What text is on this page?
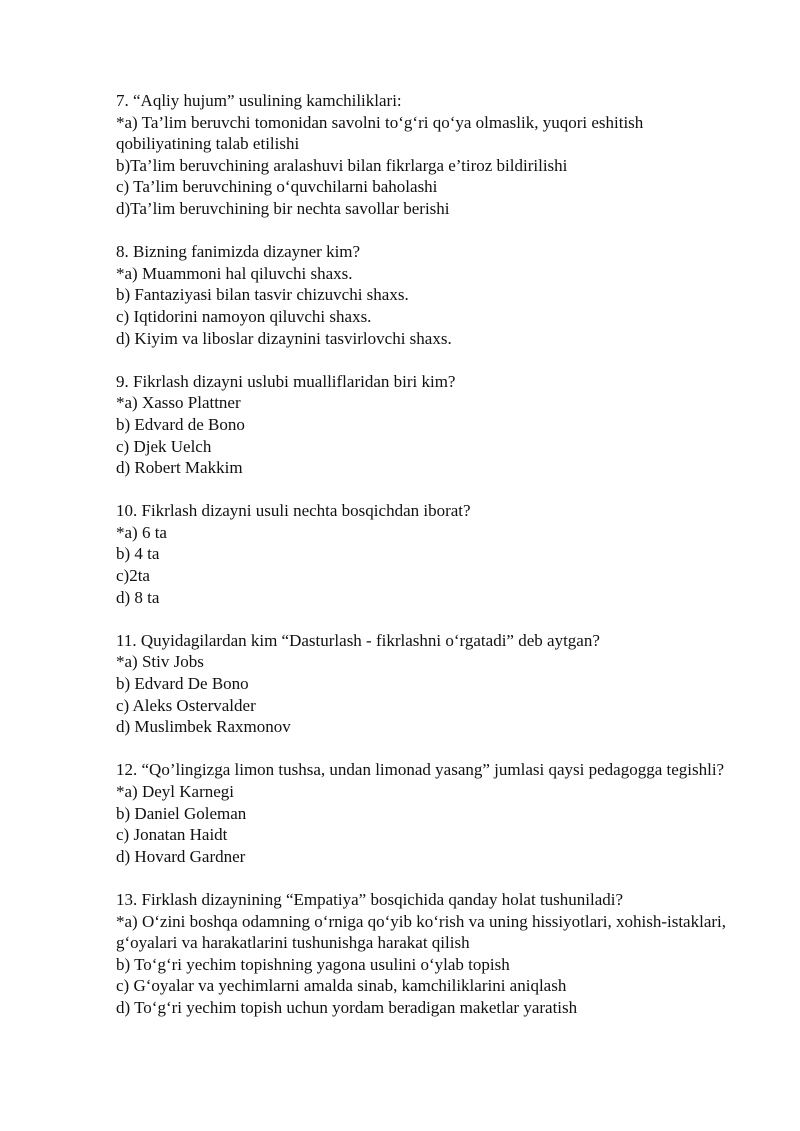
7. “Aqliy hujum” usulining kamchiliklari:
*a) Ta’lim beruvchi tomonidan savolni to‘g‘ri qo‘ya olmaslik, yuqori eshitish qobiliyatining talab etilishi
b)Ta’lim beruvchining aralashuvi bilan fikrlarga e’tiroz bildirilishi
c) Ta’lim beruvchining o‘quvchilarni baholashi
d)Ta’lim beruvchining bir nechta savollar berishi
8. Bizning fanimizda dizayner kim?
*a) Muammoni hal qiluvchi shaxs.
b) Fantaziyasi bilan tasvir chizuvchi shaxs.
c) Iqtidorini namoyon qiluvchi shaxs.
d) Kiyim va liboslar dizaynini tasvirlovchi shaxs.
9. Fikrlash dizayni uslubi mualliflaridan biri kim?
*a) Xasso Plattner
b) Edvard de Bono
c) Djek Uelch
d) Robert Makkim
10. Fikrlash dizayni usuli nechta bosqichdan iborat?
*a) 6 ta
b) 4 ta
c)2ta
d) 8 ta
11. Quyidagilardan kim “Dasturlash - fikrlashni o‘rgatadi” deb aytgan?
*a) Stiv Jobs
b) Edvard De Bono
c) Aleks Ostervalder
d) Muslimbek Raxmonov
12. “Qo’lingizga limon tushsa, undan limonad yasang” jumlasi qaysi pedagogga tegishli?
*a) Deyl Karnegi
b) Daniel Goleman
c) Jonatan Haidt
d) Hovard Gardner
13. Firklash dizaynining “Empatiya” bosqichida qanday holat tushuniladi?
*a) O‘zini boshqa odamning o‘rniga qo‘yib ko‘rish va uning hissiyotlari, xohish-istaklari, g‘oyalari va harakatlarini tushunishga harakat qilish
b) To‘g‘ri yechim topishning yagona usulini o‘ylab topish
c) G‘oyalar va yechimlarni amalda sinab, kamchiliklarini aniqlash
d) To‘g‘ri yechim topish uchun yordam beradigan maketlar yaratish
